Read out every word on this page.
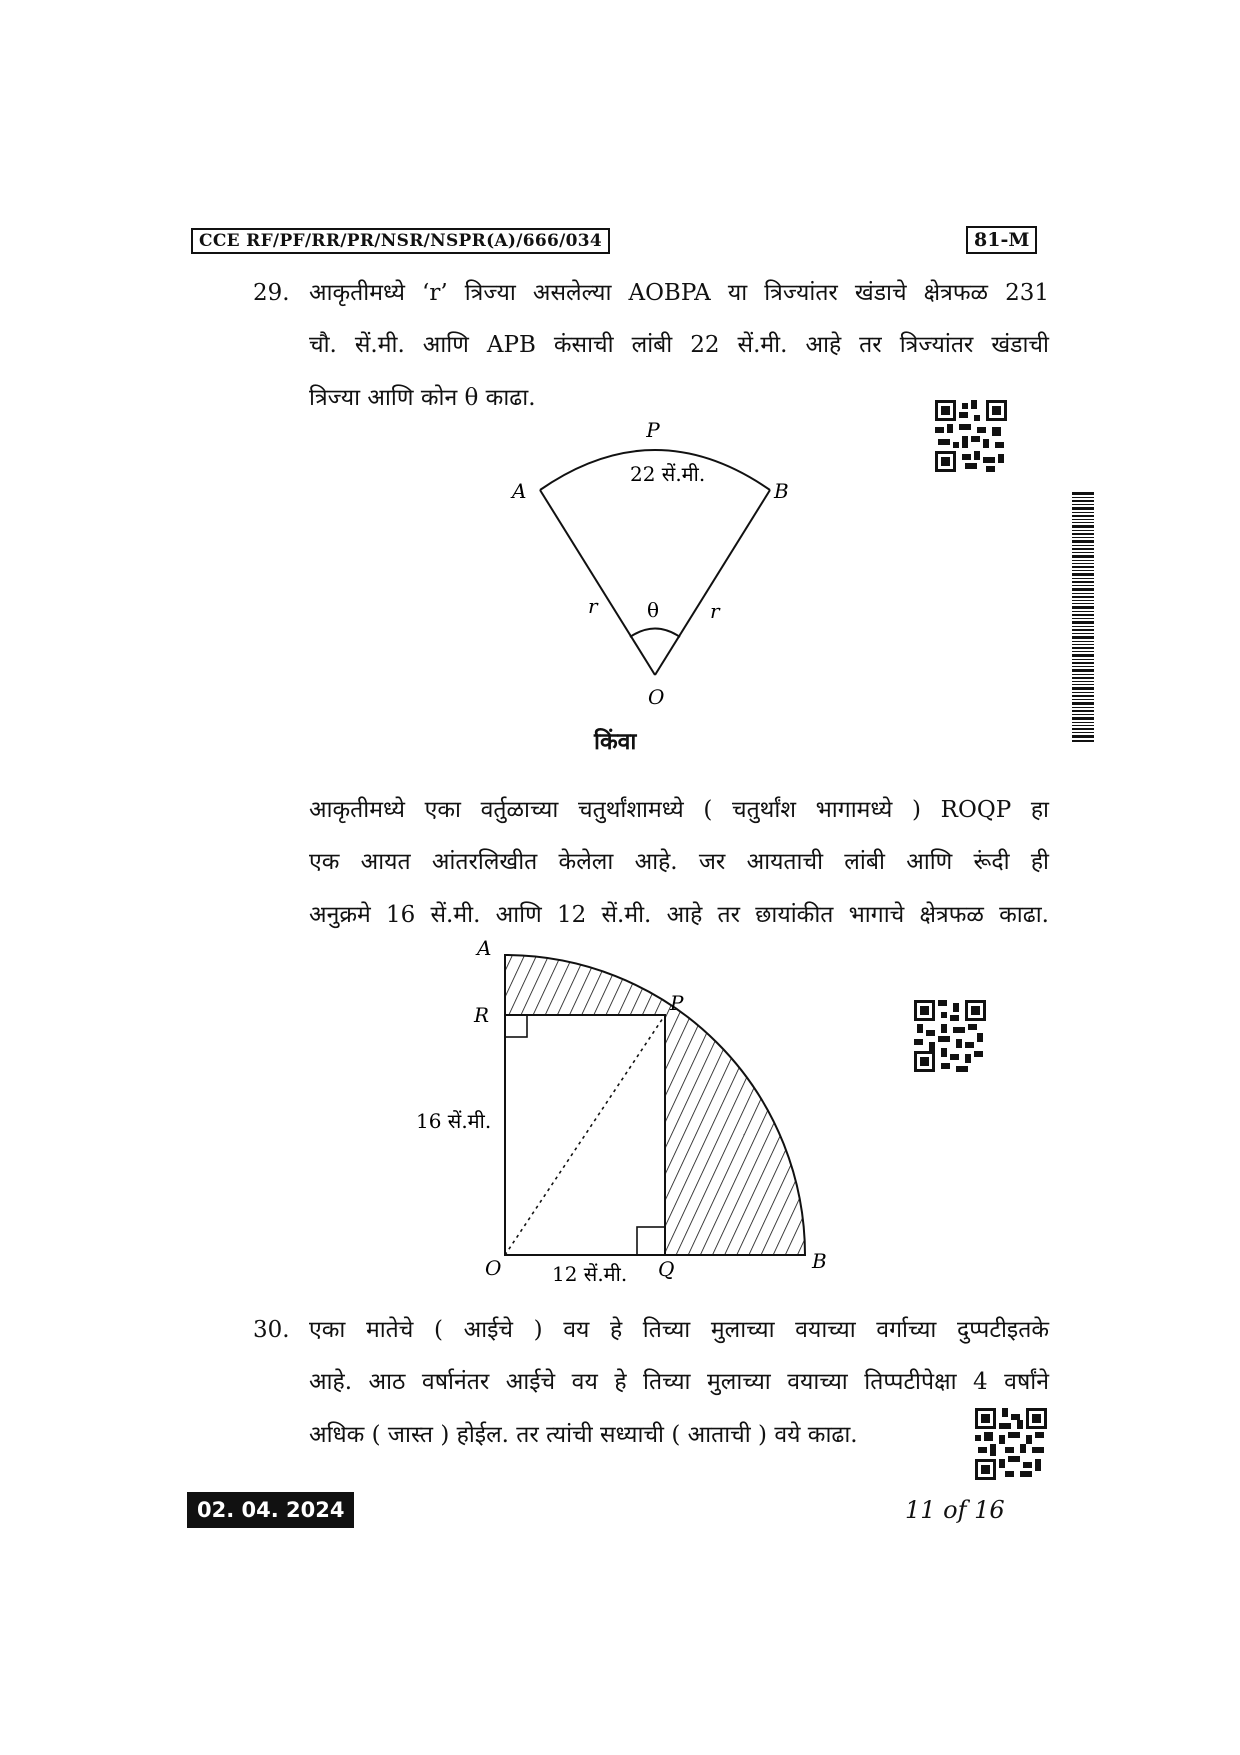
CCE RF/PF/RR/PR/NSR/NSPR(A)/666/034	81-M
29. आकृतीमध्ये ‘r’ त्रिज्या असलेल्या AOBPA या त्रिज्यांतर खंडाचे क्षेत्रफळ 231
चौ. सें.मी. आणि APB कंसाची लांबी 22 सें.मी. आहे तर त्रिज्यांतर खंडाची
त्रिज्या आणि कोन θ काढा.
P
22 सें.मी.
A	B
r	r
θ
O
किंवा
आकृतीमध्ये एका वर्तुळाच्या चतुर्थांशामध्ये ( चतुर्थांश भागामध्ये ) ROQP हा
एक आयत आंतरलिखीत केलेला आहे. जर आयताची लांबी आणि रूंदी ही
अनुक्रमे 16 सें.मी. आणि 12 सें.मी. आहे तर छायांकीत भागाचे क्षेत्रफळ काढा.
A
R	P
16 सें.मी.
O	12 सें.मी. Q	B
30. एका मातेचे ( आईचे ) वय हे तिच्या मुलाच्या वयाच्या वर्गाच्या दुप्पटीइतके
आहे. आठ वर्षानंतर आईचे वय हे तिच्या मुलाच्या वयाच्या तिप्पटीपेक्षा 4 वर्षांने
अधिक ( जास्त ) होईल. तर त्यांची सध्याची ( आताची ) वये काढा.
02. 04. 2024	11 of 16
